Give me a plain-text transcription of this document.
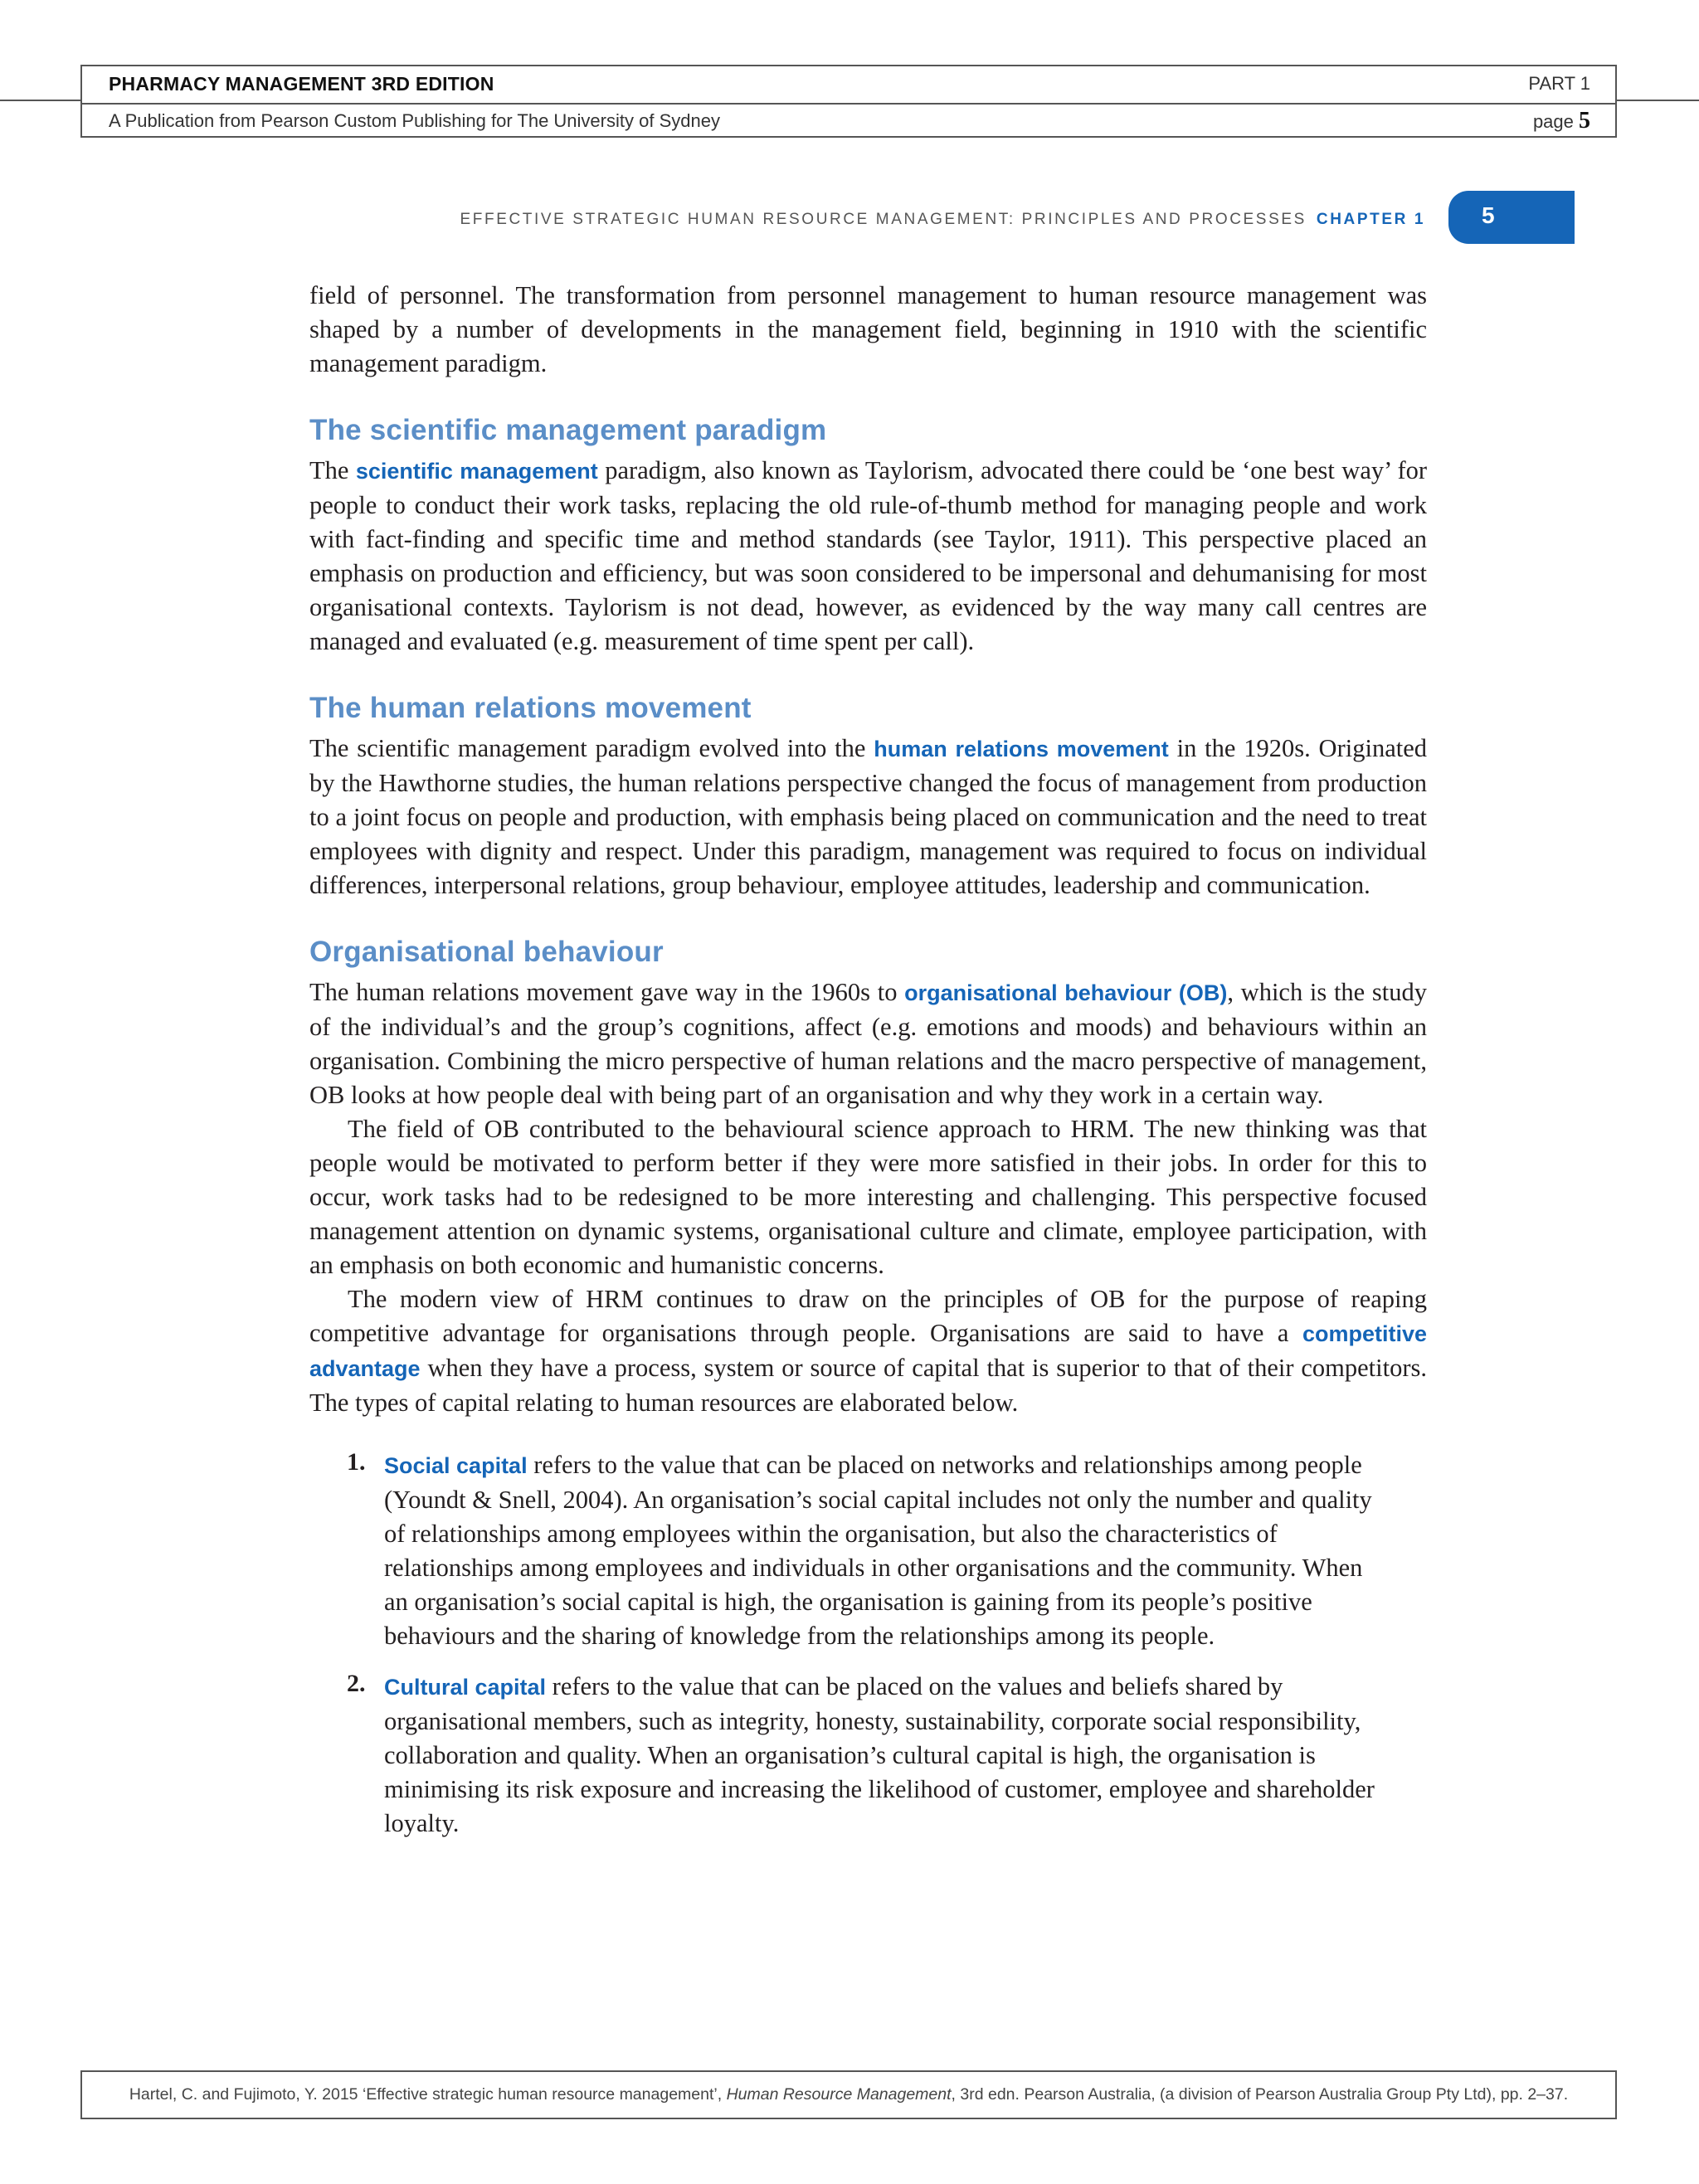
PHARMACY MANAGEMENT 3RD EDITION	PART 1
A Publication from Pearson Custom Publishing for The University of Sydney	page 5
EFFECTIVE STRATEGIC HUMAN RESOURCE MANAGEMENT: PRINCIPLES AND PROCESSES CHAPTER 1 5

field of personnel. The transformation from personnel management to human resource management was shaped by a number of developments in the management field, beginning in 1910 with the scientific management paradigm.

The scientific management paradigm

The scientific management paradigm, also known as Taylorism, advocated there could be ‘one best way’ for people to conduct their work tasks, replacing the old rule-of-thumb method for managing people and work with fact-finding and specific time and method standards (see Taylor, 1911). This perspective placed an emphasis on production and efficiency, but was soon considered to be impersonal and dehumanising for most organisational contexts. Taylorism is not dead, however, as evidenced by the way many call centres are managed and evaluated (e.g. measurement of time spent per call).

The human relations movement

The scientific management paradigm evolved into the human relations movement in the 1920s. Originated by the Hawthorne studies, the human relations perspective changed the focus of management from production to a joint focus on people and production, with emphasis being placed on communication and the need to treat employees with dignity and respect. Under this paradigm, management was required to focus on individual differences, interpersonal relations, group behaviour, employee attitudes, leadership and communication.

Organisational behaviour

The human relations movement gave way in the 1960s to organisational behaviour (OB), which is the study of the individual’s and the group’s cognitions, affect (e.g. emotions and moods) and behaviours within an organisation. Combining the micro perspective of human relations and the macro perspective of management, OB looks at how people deal with being part of an organisation and why they work in a certain way.

The field of OB contributed to the behavioural science approach to HRM. The new thinking was that people would be motivated to perform better if they were more satisfied in their jobs. In order for this to occur, work tasks had to be redesigned to be more interesting and challenging. This perspective focused management attention on dynamic systems, organisational culture and climate, employee participation, with an emphasis on both economic and humanistic concerns.

The modern view of HRM continues to draw on the principles of OB for the purpose of reaping competitive advantage for organisations through people. Organisations are said to have a competitive advantage when they have a process, system or source of capital that is superior to that of their competitors. The types of capital relating to human resources are elaborated below.

1. Social capital refers to the value that can be placed on networks and relationships among people (Youndt & Snell, 2004). An organisation’s social capital includes not only the number and quality of relationships among employees within the organisation, but also the characteristics of relationships among employees and individuals in other organisations and the community. When an organisation’s social capital is high, the organisation is gaining from its people’s positive behaviours and the sharing of knowledge from the relationships among its people.

2. Cultural capital refers to the value that can be placed on the values and beliefs shared by organisational members, such as integrity, honesty, sustainability, corporate social responsibility, collaboration and quality. When an organisation’s cultural capital is high, the organisation is minimising its risk exposure and increasing the likelihood of customer, employee and shareholder loyalty.

Hartel, C. and Fujimoto, Y. 2015 ‘Effective strategic human resource management’, Human Resource Management, 3rd edn. Pearson Australia, (a division of Pearson Australia Group Pty Ltd), pp. 2–37.
